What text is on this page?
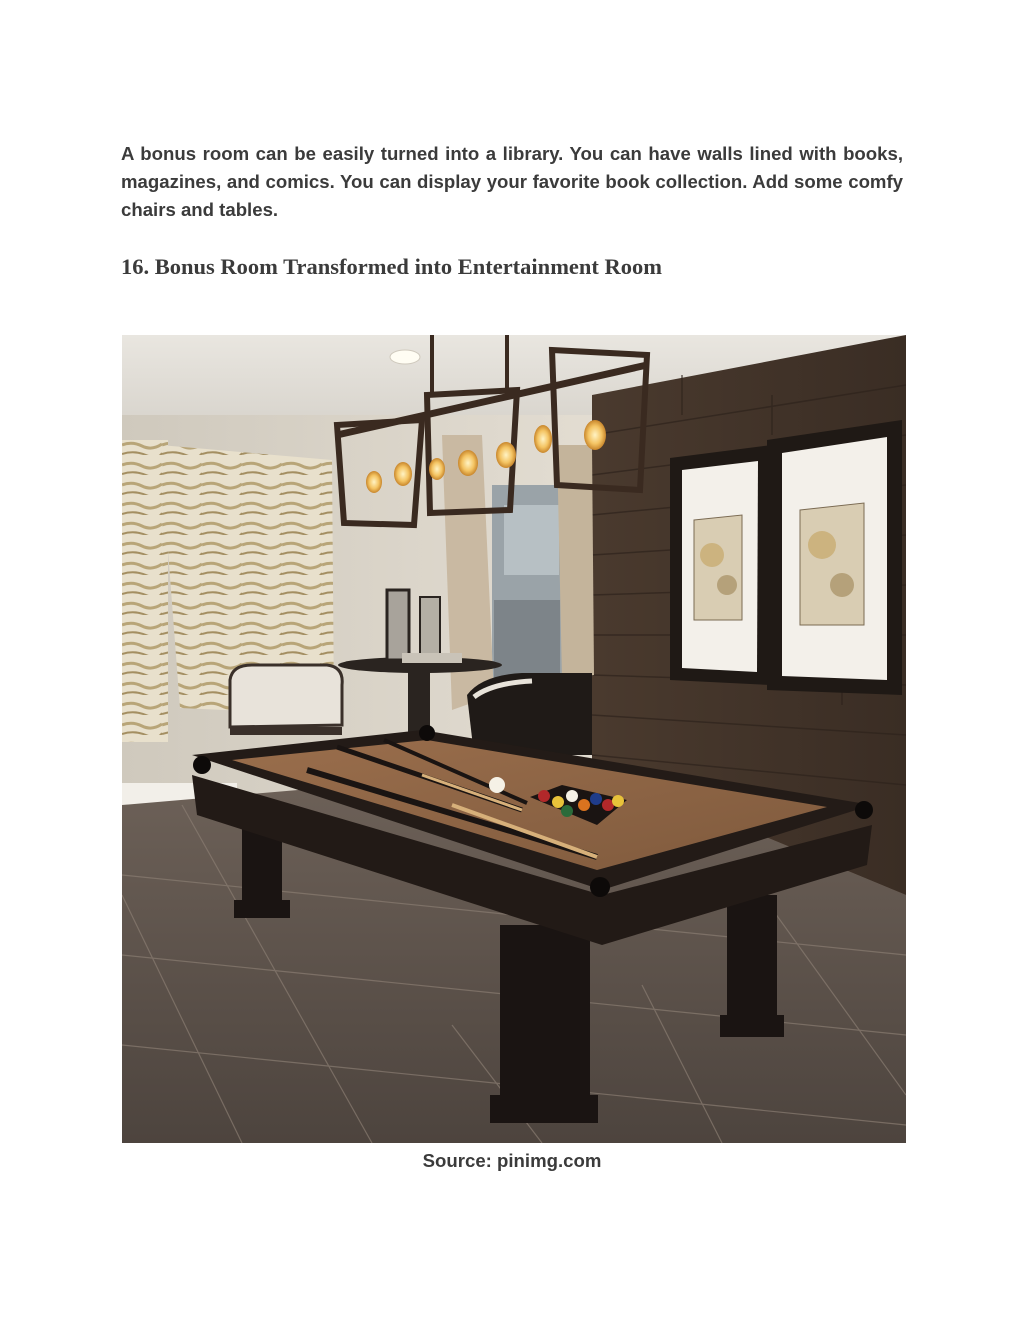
A bonus room can be easily turned into a library. You can have walls lined with books, magazines, and comics. You can display your favorite book collection. Add some comfy chairs and tables.

16. Bonus Room Transformed into Entertainment Room
Source: pinimg.com
